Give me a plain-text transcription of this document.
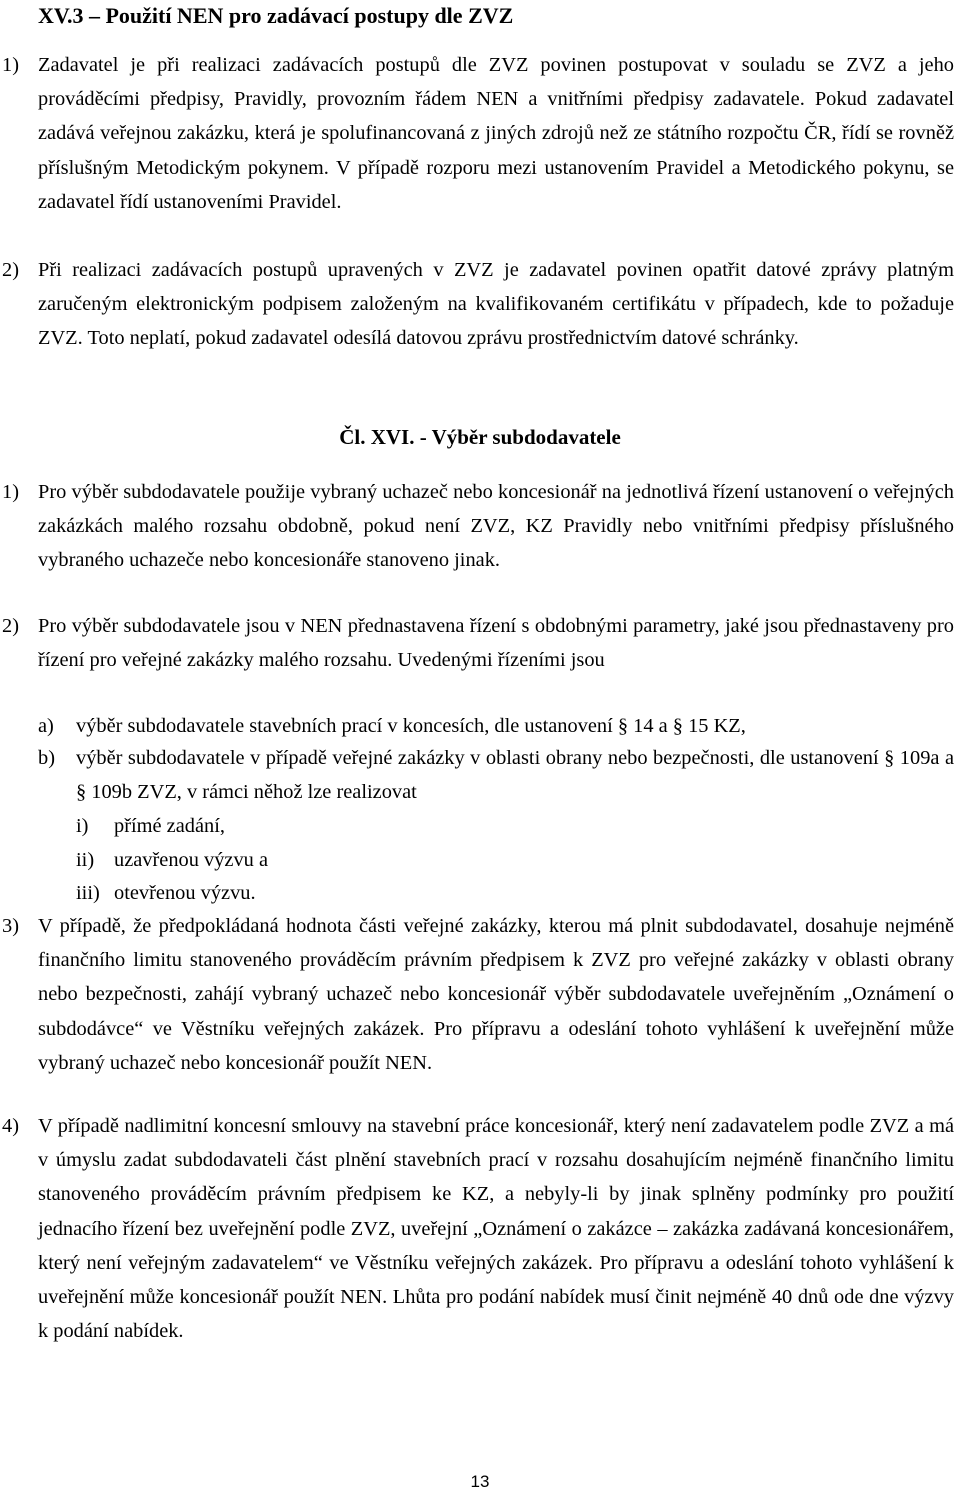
XV.3 – Použití NEN pro zadávací postupy dle ZVZ
1) Zadavatel je při realizaci zadávacích postupů dle ZVZ povinen postupovat v souladu se ZVZ a jeho prováděcími předpisy, Pravidly, provozním řádem NEN a vnitřními předpisy zadavatele. Pokud zadavatel zadává veřejnou zakázku, která je spolufinancovaná z jiných zdrojů než ze státního rozpočtu ČR, řídí se rovněž příslušným Metodickým pokynem. V případě rozporu mezi ustanovením Pravidel a Metodického pokynu, se zadavatel řídí ustanoveními Pravidel.
2) Při realizaci zadávacích postupů upravených v ZVZ je zadavatel povinen opatřit datové zprávy platným zaručeným elektronickým podpisem založeným na kvalifikovaném certifikátu v případech, kde to požaduje ZVZ. Toto neplatí, pokud zadavatel odesílá datovou zprávu prostřednictvím datové schránky.
Čl. XVI. - Výběr subdodavatele
1) Pro výběr subdodavatele použije vybraný uchazeč nebo koncesionář na jednotlivá řízení ustanovení o veřejných zakázkách malého rozsahu obdobně, pokud není ZVZ, KZ Pravidly nebo vnitřními předpisy příslušného vybraného uchazeče nebo koncesionáře stanoveno jinak.
2) Pro výběr subdodavatele jsou v NEN přednastavena řízení s obdobnými parametry, jaké jsou přednastaveny pro řízení pro veřejné zakázky malého rozsahu. Uvedenými řízeními jsou
a) výběr subdodavatele stavebních prací v koncesích, dle ustanovení § 14 a § 15 KZ,
b) výběr subdodavatele v případě veřejné zakázky v oblasti obrany nebo bezpečnosti, dle ustanovení § 109a a § 109b ZVZ, v rámci něhož lze realizovat
i) přímé zadání,
ii) uzavřenou výzvu a
iii) otevřenou výzvu.
3) V případě, že předpokládaná hodnota části veřejné zakázky, kterou má plnit subdodavatel, dosahuje nejméně finančního limitu stanoveného prováděcím právním předpisem k ZVZ pro veřejné zakázky v oblasti obrany nebo bezpečnosti, zahájí vybraný uchazeč nebo koncesionář výběr subdodavatele uveřejněním „Oznámení o subdodávce“ ve Věstníku veřejných zakázek. Pro přípravu a odeslání tohoto vyhlášení k uveřejnění může vybraný uchazeč nebo koncesionář použít NEN.
4) V případě nadlimitní koncesní smlouvy na stavební práce koncesionář, který není zadavatelem podle ZVZ a má v úmyslu zadat subdodavateli část plnění stavebních prací v rozsahu dosahujícím nejméně finančního limitu stanoveného prováděcím právním předpisem ke KZ, a nebyly-li by jinak splněny podmínky pro použití jednacího řízení bez uveřejnění podle ZVZ, uveřejní „Oznámení o zakázce – zakázka zadávaná koncesionářem, který není veřejným zadavatelem“ ve Věstníku veřejných zakázek. Pro přípravu a odeslání tohoto vyhlášení k uveřejnění může koncesionář použít NEN. Lhůta pro podání nabídek musí činit nejméně 40 dnů ode dne výzvy k podání nabídek.
13
